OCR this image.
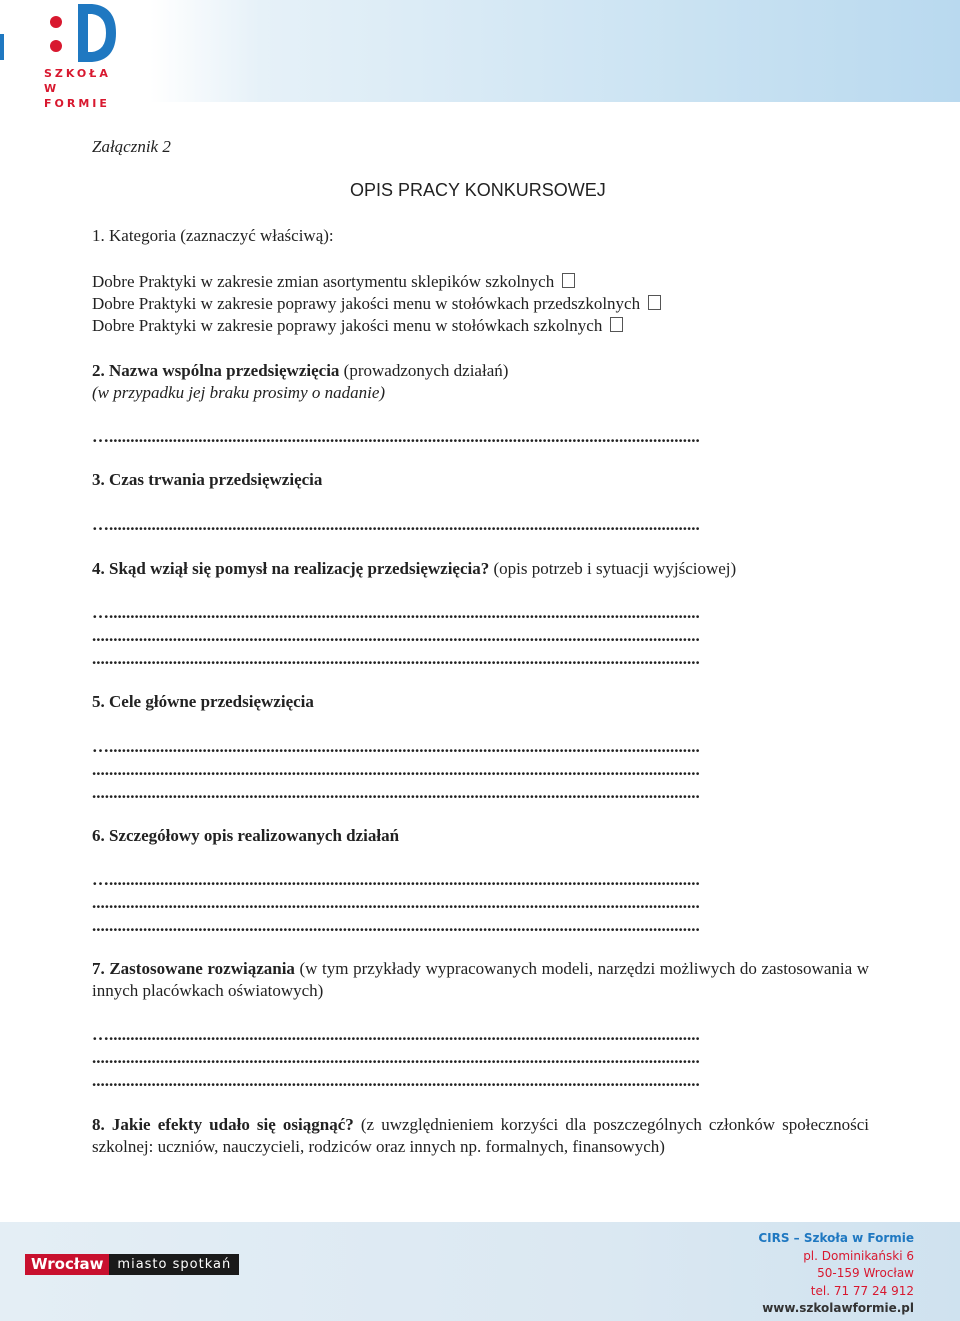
SZKOŁA
W FORMIE
Załącznik 2
1. Kategoria (zaznaczyć właściwą):
Dobre Praktyki w zakresie zmian asortymentu sklepików szkolnych
Dobre Praktyki w zakresie poprawy jakości menu w stołówkach przedszkolnych
Dobre Praktyki w zakresie poprawy jakości menu w stołówkach szkolnych
2. Nazwa wspólna przedsięwzięcia (prowadzonych działań)
(w przypadku jej braku prosimy o nadanie)
…...........................................................................................................................................
3. Czas trwania przedsięwzięcia
…...........................................................................................................................................
4. Skąd wziął się pomysł na realizację przedsięwzięcia? (opis potrzeb i sytuacji wyjściowej)
…...........................................................................................................................................
...............................................................................................................................................
...............................................................................................................................................
5. Cele główne przedsięwzięcia
…...........................................................................................................................................
...............................................................................................................................................
...............................................................................................................................................
6. Szczegółowy opis realizowanych działań
…...........................................................................................................................................
...............................................................................................................................................
...............................................................................................................................................
7. Zastosowane rozwiązania (w tym przykłady wypracowanych modeli, narzędzi możliwych do zastosowania w innych placówkach oświatowych)
…...........................................................................................................................................
...............................................................................................................................................
...............................................................................................................................................
8. Jakie efekty udało się osiągnąć? (z uwzględnieniem korzyści dla poszczególnych członków społeczności szkolnej: uczniów, nauczycieli, rodziców oraz innych np. formalnych, finansowych)
OPIS PRACY KONKURSOWEJ
Wrocław	miasto spotkań
CIRS – Szkoła w Formie
pl. Dominikański 6
50-159 Wrocław
tel. 71 77 24 912
www.szkolawformie.pl
